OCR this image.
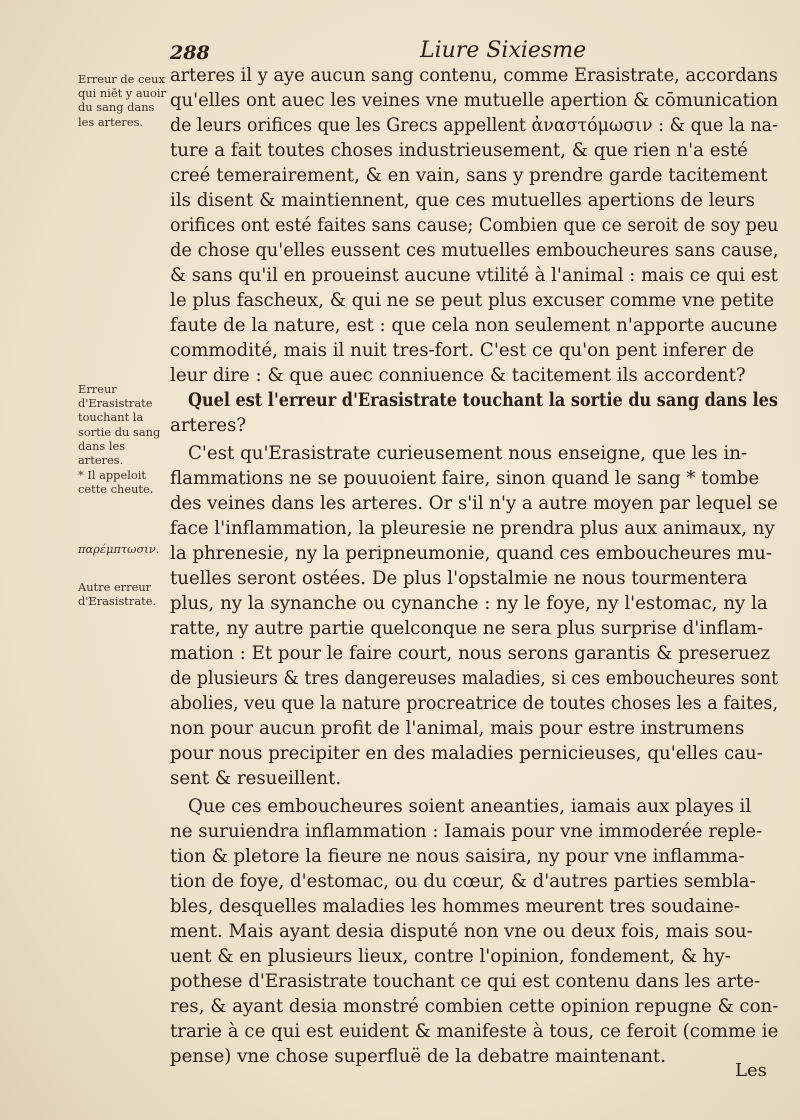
288	Liure Sixiesme
Erreur de ceux qui niēt y auoir du sang dans les arteres.
Erreur d'Erasistrate touchant la sortie du sang dans les arteres.
* Il appeloit cette cheute.
παρέμπτωσιν.
Autre erreur d'Erasistrate.
arteres il y aye aucun sang contenu, comme Erasistrate, accordans
qu'elles ont auec les veines vne mutuelle apertion & cōmunication
de leurs orifices que les Grecs appellent ἀναστόμωσιν : & que la na-
ture a fait toutes choses industrieusement, & que rien n'a esté
creé temerairement, & en vain, sans y prendre garde tacitement
ils disent & maintiennent, que ces mutuelles apertions de leurs
orifices ont esté faites sans cause; Combien que ce seroit de soy peu
de chose qu'elles eussent ces mutuelles emboucheures sans cause,
& sans qu'il en proueinst aucune vtilité à l'animal : mais ce qui est
le plus fascheux, & qui ne se peut plus excuser comme vne petite
faute de la nature, est : que cela non seulement n'apporte aucune
commodité, mais il nuit tres-fort. C'est ce qu'on pent inferer de
leur dire : & que auec conniuence & tacitement ils accordent?
Quel est l'erreur d'Erasistrate touchant la sortie du sang dans les
arteres?
C'est qu'Erasistrate curieusement nous enseigne, que les in-
flammations ne se pouuoient faire, sinon quand le sang * tombe
des veines dans les arteres. Or s'il n'y a autre moyen par lequel se
face l'inflammation, la pleuresie ne prendra plus aux animaux, ny
la phrenesie, ny la peripneumonie, quand ces emboucheures mu-
tuelles seront ostées. De plus l'opstalmie ne nous tourmentera
plus, ny la synanche ou cynanche : ny le foye, ny l'estomac, ny la
ratte, ny autre partie quelconque ne sera plus surprise d'inflam-
mation : Et pour le faire court, nous serons garantis & preseruez
de plusieurs & tres dangereuses maladies, si ces emboucheures sont
abolies, veu que la nature procreatrice de toutes choses les a faites,
non pour aucun profit de l'animal, mais pour estre instrumens
pour nous precipiter en des maladies pernicieuses, qu'elles cau-
sent & resueillent.
Que ces emboucheures soient aneanties, iamais aux playes il
ne suruiendra inflammation : Iamais pour vne immoderée reple-
tion & pletore la fieure ne nous saisira, ny pour vne inflamma-
tion de foye, d'estomac, ou du cœur, & d'autres parties sembla-
bles, desquelles maladies les hommes meurent tres soudaine-
ment. Mais ayant desia disputé non vne ou deux fois, mais sou-
uent & en plusieurs lieux, contre l'opinion, fondement, & hy-
pothese d'Erasistrate touchant ce qui est contenu dans les arte-
res, & ayant desia monstré combien cette opinion repugne & con-
trarie à ce qui est euident & manifeste à tous, ce feroit (comme ie
pense) vne chose superfluë de la debatre maintenant.
Les
